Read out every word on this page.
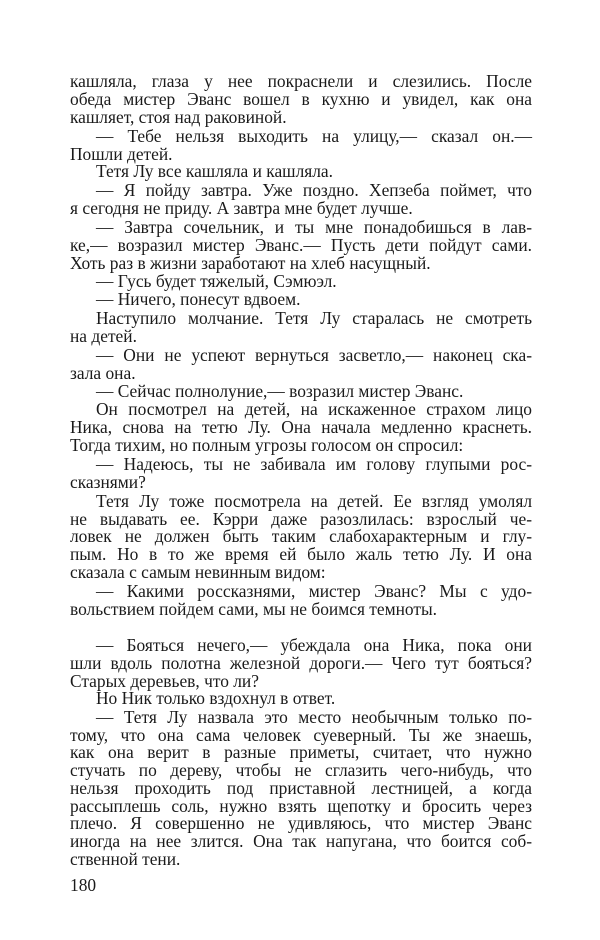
кашляла, глаза у нее покраснели и слезились. После
обеда мистер Эванс вошел в кухню и увидел, как она
кашляет, стоя над раковиной.
— Тебе нельзя выходить на улицу,— сказал он.—
Пошли детей.
Тетя Лу все кашляла и кашляла.
— Я пойду завтра. Уже поздно. Хепзеба поймет, что
я сегодня не приду. А завтра мне будет лучше.
— Завтра сочельник, и ты мне понадобишься в лав-
ке,— возразил мистер Эванс.— Пусть дети пойдут сами.
Хоть раз в жизни заработают на хлеб насущный.
— Гусь будет тяжелый, Сэмюэл.
— Ничего, понесут вдвоем.
Наступило молчание. Тетя Лу старалась не смотреть
на детей.
— Они не успеют вернуться засветло,— наконец ска-
зала она.
— Сейчас полнолуние,— возразил мистер Эванс.
Он посмотрел на детей, на искаженное страхом лицо
Ника, снова на тетю Лу. Она начала медленно краснеть.
Тогда тихим, но полным угрозы голосом он спросил:
— Надеюсь, ты не забивала им голову глупыми рос-
сказнями?
Тетя Лу тоже посмотрела на детей. Ее взгляд умолял
не выдавать ее. Кэрри даже разозлилась: взрослый че-
ловек не должен быть таким слабохарактерным и глу-
пым. Но в то же время ей было жаль тетю Лу. И она
сказала с самым невинным видом:
— Какими россказнями, мистер Эванс? Мы с удо-
вольствием пойдем сами, мы не боимся темноты.
— Бояться нечего,— убеждала она Ника, пока они
шли вдоль полотна железной дороги.— Чего тут бояться?
Старых деревьев, что ли?
Но Ник только вздохнул в ответ.
— Тетя Лу назвала это место необычным только по-
тому, что она сама человек суеверный. Ты же знаешь,
как она верит в разные приметы, считает, что нужно
стучать по дереву, чтобы не сглазить чего-нибудь, что
нельзя проходить под приставной лестницей, а когда
рассыплешь соль, нужно взять щепотку и бросить через
плечо. Я совершенно не удивляюсь, что мистер Эванс
иногда на нее злится. Она так напугана, что боится соб-
ственной тени.
180
